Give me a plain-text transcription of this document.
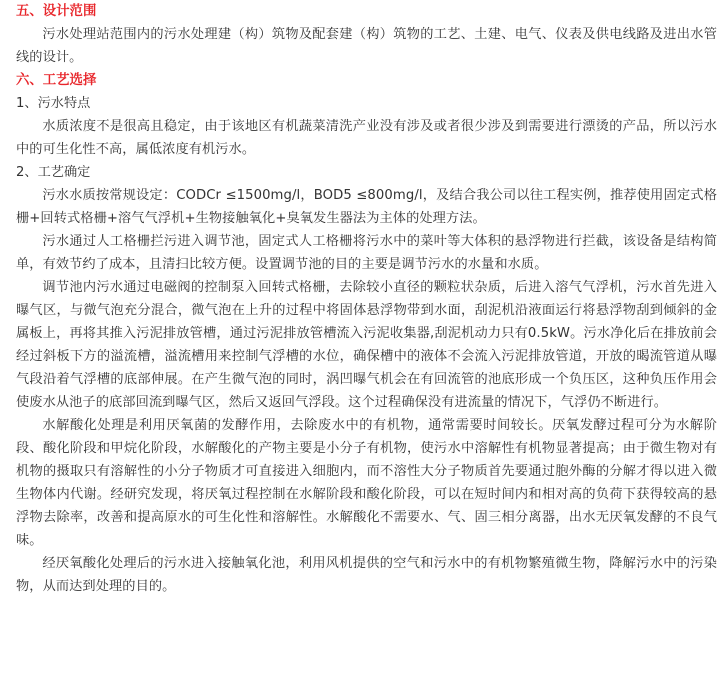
五、设计范围

污水处理站范围内的污水处理建（构）筑物及配套建（构）筑物的工艺、土建、电气、仪表及供电线路及进出水管线的设计。

六、工艺选择
1、污水特点

水质浓度不是很高且稳定，由于该地区有机蔬菜清洗产业没有涉及或者很少涉及到需要进行漂烫的产品，所以污水中的可生化性不高，属低浓度有机污水。

2、工艺确定

污水水质按常规设定：CODCr ≤1500mg/l，BOD5 ≤800mg/l，及结合我公司以往工程实例，推荐使用固定式格栅+回转式格栅+溶气气浮机+生物接触氧化+臭氧发生器法为主体的处理方法。

污水通过人工格栅拦污进入调节池，固定式人工格栅将污水中的菜叶等大体积的悬浮物进行拦截，该设备是结构简单，有效节约了成本，且清扫比较方便。设置调节池的目的主要是调节污水的水量和水质。

调节池内污水通过电磁阀的控制泵入回转式格栅，去除较小直径的颗粒状杂质，后进入溶气气浮机，污水首先进入曝气区，与微气泡充分混合，微气泡在上升的过程中将固体悬浮物带到水面，刮泥机沿液面运行将悬浮物刮到倾斜的金属板上，再将其推入污泥排放管槽，通过污泥排放管槽流入污泥收集器,刮泥机动力只有0.5kW。污水净化后在排放前会经过斜板下方的溢流槽，溢流槽用来控制气浮槽的水位，确保槽中的液体不会流入污泥排放管道，开放的暍流管道从曝气段沿着气浮槽的底部伸展。在产生微气泡的同时，涡凹曝气机会在有回流管的池底形成一个负压区，这种负压作用会使废水从池子的底部回流到曝气区，然后又返回气浮段。这个过程确保没有进流量的情况下，气浮仍不断进行。

水解酸化处理是利用厌氧菌的发酵作用，去除废水中的有机物，通常需要时间较长。厌氧发酵过程可分为水解阶段、酸化阶段和甲烷化阶段，水解酸化的产物主要是小分子有机物，使污水中溶解性有机物显著提高；由于微生物对有机物的摄取只有溶解性的小分子物质才可直接进入细胞内，而不溶性大分子物质首先要通过胞外酶的分解才得以进入微生物体内代谢。经研究发现，将厌氧过程控制在水解阶段和酸化阶段，可以在短时间内和相对高的负荷下获得较高的悬浮物去除率，改善和提高原水的可生化性和溶解性。水解酸化不需要水、气、固三相分离器，出水无厌氧发酵的不良气味。

经厌氧酸化处理后的污水进入接触氧化池，利用风机提供的空气和污水中的有机物繁殖微生物，降解污水中的污染物，从而达到处理的目的。
